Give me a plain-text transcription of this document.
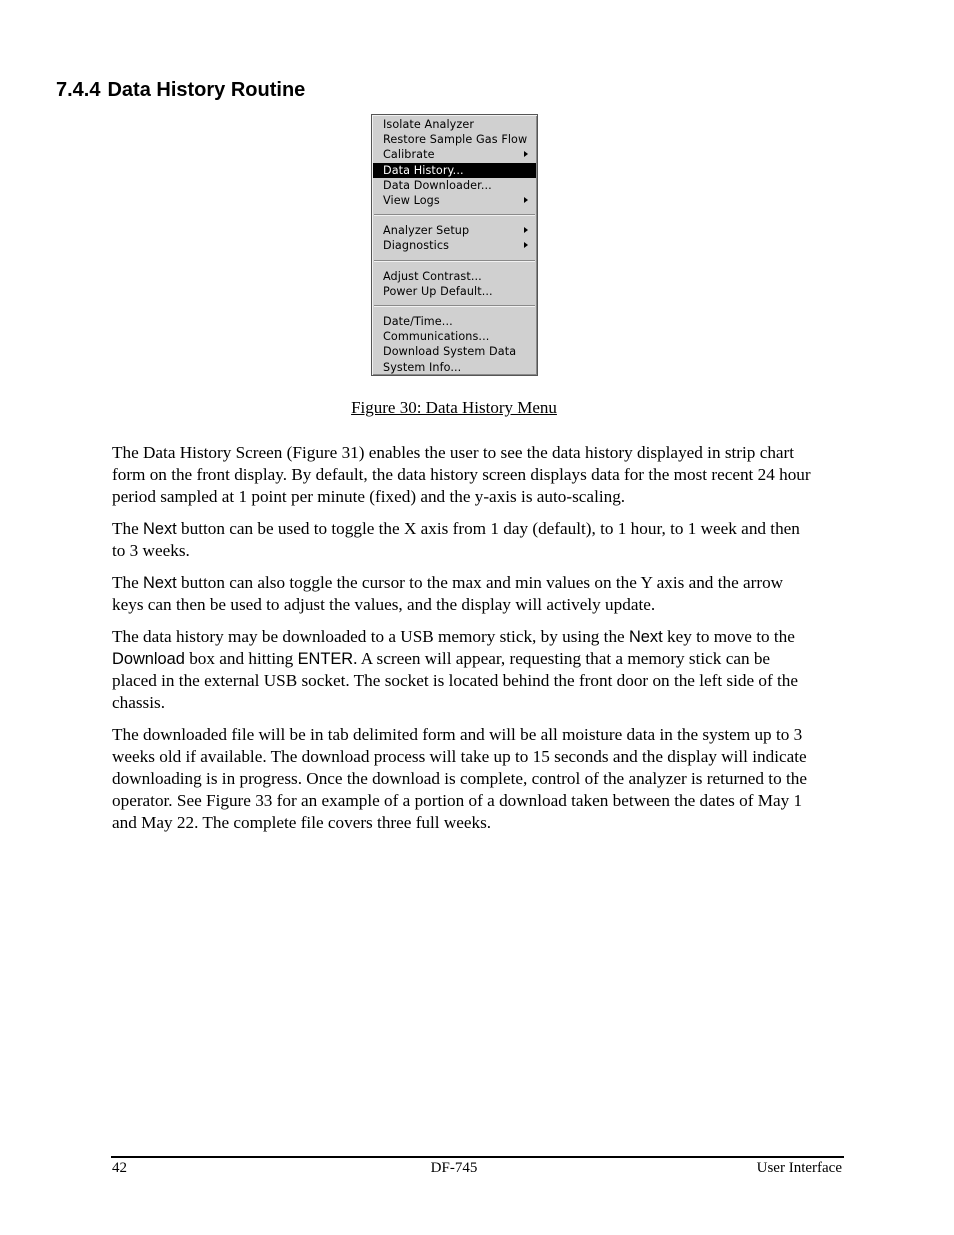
7.4.4 Data History Routine
Isolate Analyzer
Restore Sample Gas Flow
Calibrate
Data History...
Data Downloader...
View Logs
Analyzer Setup
Diagnostics
Adjust Contrast...
Power Up Default...
Date/Time...
Communications...
Download System Data
System Info...
Figure 30: Data History Menu

The Data History Screen (Figure 31) enables the user to see the data history displayed in strip chart form on the front display. By default, the data history screen displays data for the most recent 24 hour period sampled at 1 point per minute (fixed) and the y-axis is auto-scaling.

The Next button can be used to toggle the X axis from 1 day (default), to 1 hour, to 1 week and then to 3 weeks.

The Next button can also toggle the cursor to the max and min values on the Y axis and the arrow keys can then be used to adjust the values, and the display will actively update.

The data history may be downloaded to a USB memory stick, by using the Next key to move to the Download box and hitting ENTER. A screen will appear, requesting that a memory stick can be placed in the external USB socket. The socket is located behind the front door on the left side of the chassis.

The downloaded file will be in tab delimited form and will be all moisture data in the system up to 3 weeks old if available. The download process will take up to 15 seconds and the display will indicate downloading is in progress. Once the download is complete, control of the analyzer is returned to the operator. See Figure 33 for an example of a portion of a download taken between the dates of May 1 and May 22. The complete file covers three full weeks.

42	DF-745	User Interface
